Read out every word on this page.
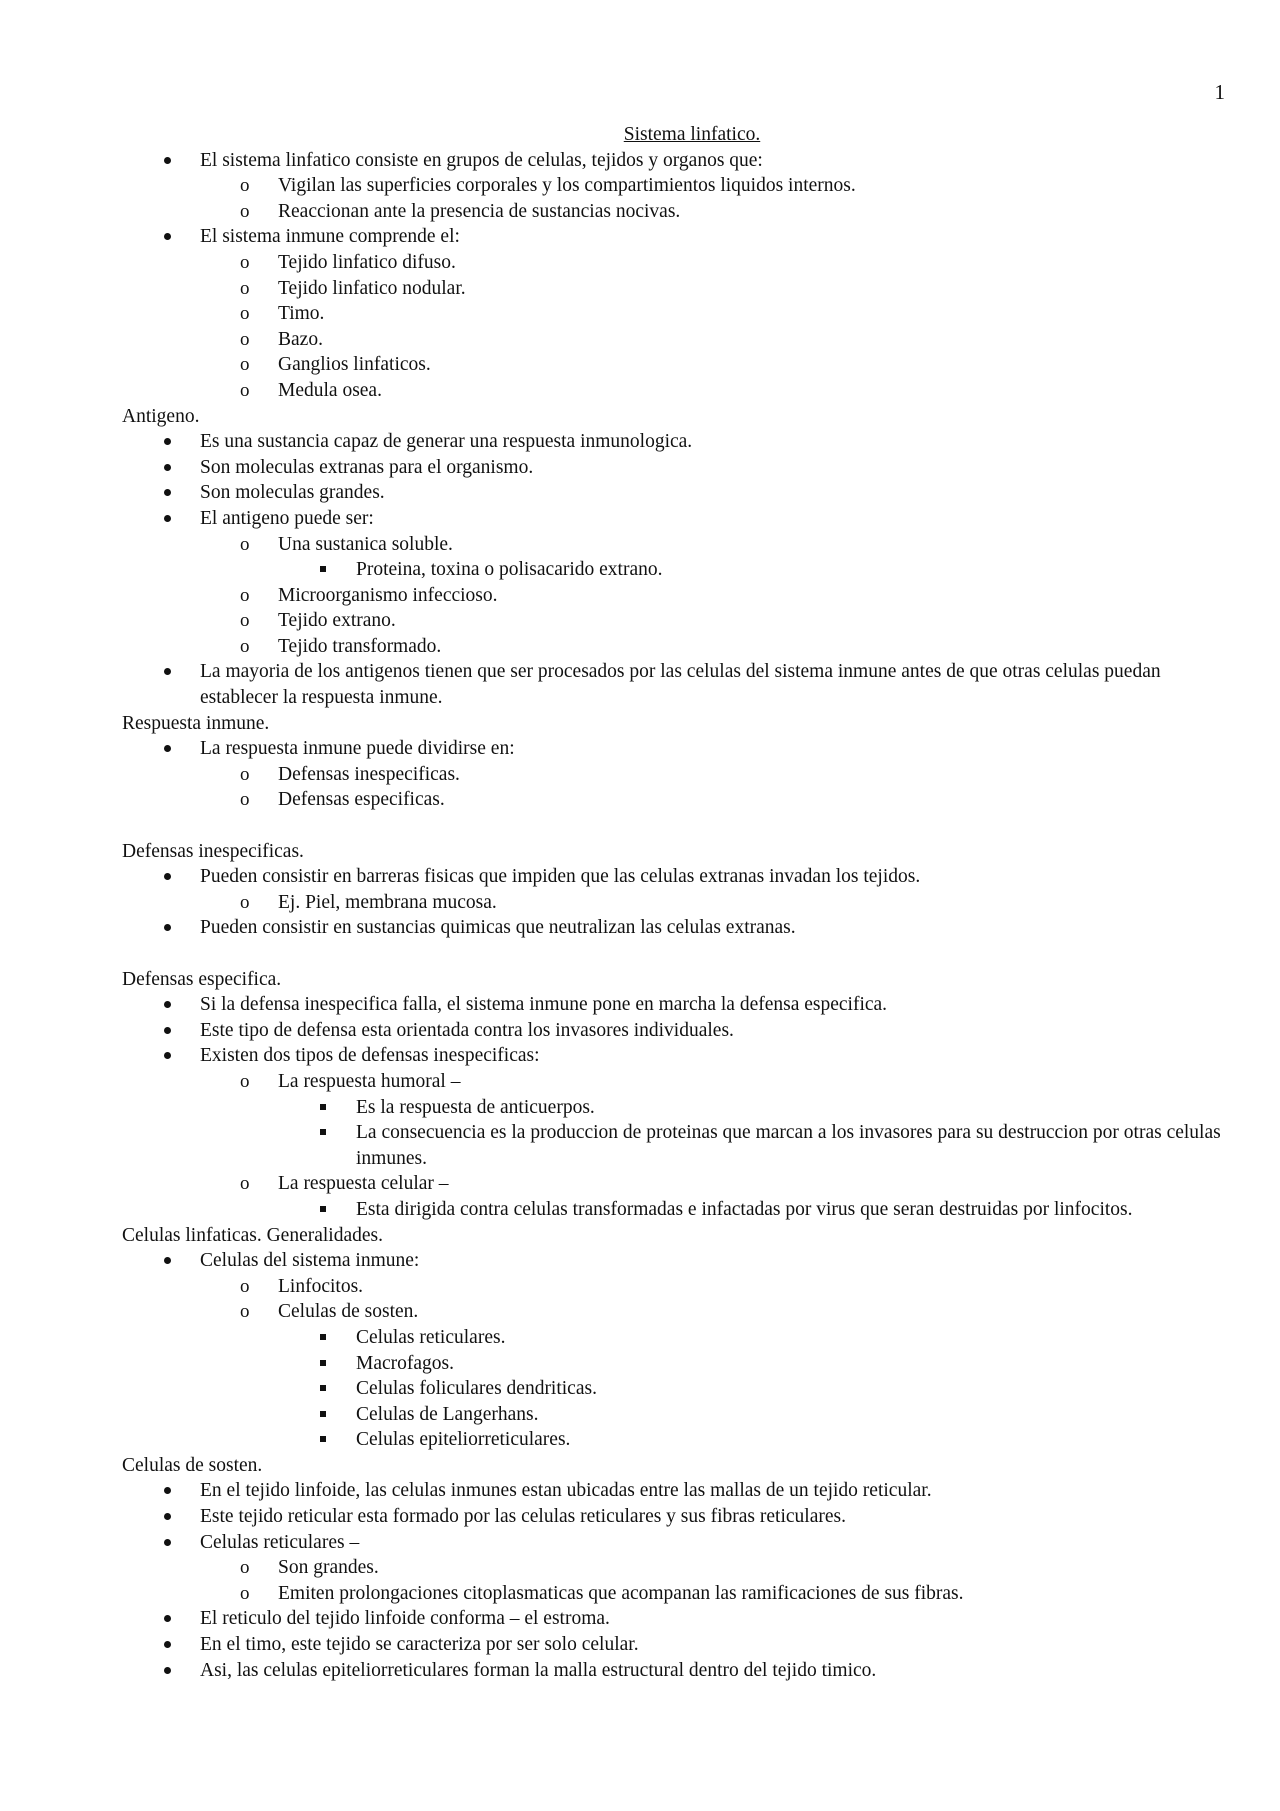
1
Sistema linfatico.
El sistema linfatico consiste en grupos de celulas, tejidos y organos que:
o Vigilan las superficies corporales y los compartimientos liquidos internos.
o Reaccionan ante la presencia de sustancias nocivas.
El sistema inmune comprende el:
o Tejido linfatico difuso.
o Tejido linfatico nodular.
o Timo.
o Bazo.
o Ganglios linfaticos.
o Medula osea.
Antigeno.
Es una sustancia capaz de generar una respuesta inmunologica.
Son moleculas extranas para el organismo.
Son moleculas grandes.
El antigeno puede ser:
o Una sustanica soluble.
Proteina, toxina o polisacarido extrano.
o Microorganismo infeccioso.
o Tejido extrano.
o Tejido transformado.
La mayoria de los antigenos tienen que ser procesados por las celulas del sistema inmune antes de que otras celulas puedan establecer la respuesta inmune.
Respuesta inmune.
La respuesta inmune puede dividirse en:
o Defensas inespecificas.
o Defensas especificas.
Defensas inespecificas.
Pueden consistir en barreras fisicas que impiden que las celulas extranas invadan los tejidos.
o Ej. Piel, membrana mucosa.
Pueden consistir en sustancias quimicas que neutralizan las celulas extranas.
Defensas especifica.
Si la defensa inespecifica falla, el sistema inmune pone en marcha la defensa especifica.
Este tipo de defensa esta orientada contra los invasores individuales.
Existen dos tipos de defensas inespecificas:
o La respuesta humoral –
Es la respuesta de anticuerpos.
La consecuencia es la produccion de proteinas que marcan a los invasores para su destruccion por otras celulas inmunes.
o La respuesta celular –
Esta dirigida contra celulas transformadas e infactadas por virus que seran destruidas por linfocitos.
Celulas linfaticas. Generalidades.
Celulas del sistema inmune:
o Linfocitos.
o Celulas de sosten.
Celulas reticulares.
Macrofagos.
Celulas foliculares dendriticas.
Celulas de Langerhans.
Celulas epiteliorreticulares.
Celulas de sosten.
En el tejido linfoide, las celulas inmunes estan ubicadas entre las mallas de un tejido reticular.
Este tejido reticular esta formado por las celulas reticulares y sus fibras reticulares.
Celulas reticulares –
o Son grandes.
o Emiten prolongaciones citoplasmaticas que acompanan las ramificaciones de sus fibras.
El reticulo del tejido linfoide conforma – el estroma.
En el timo, este tejido se caracteriza por ser solo celular.
Asi, las celulas epiteliorreticulares forman la malla estructural dentro del tejido timico.
